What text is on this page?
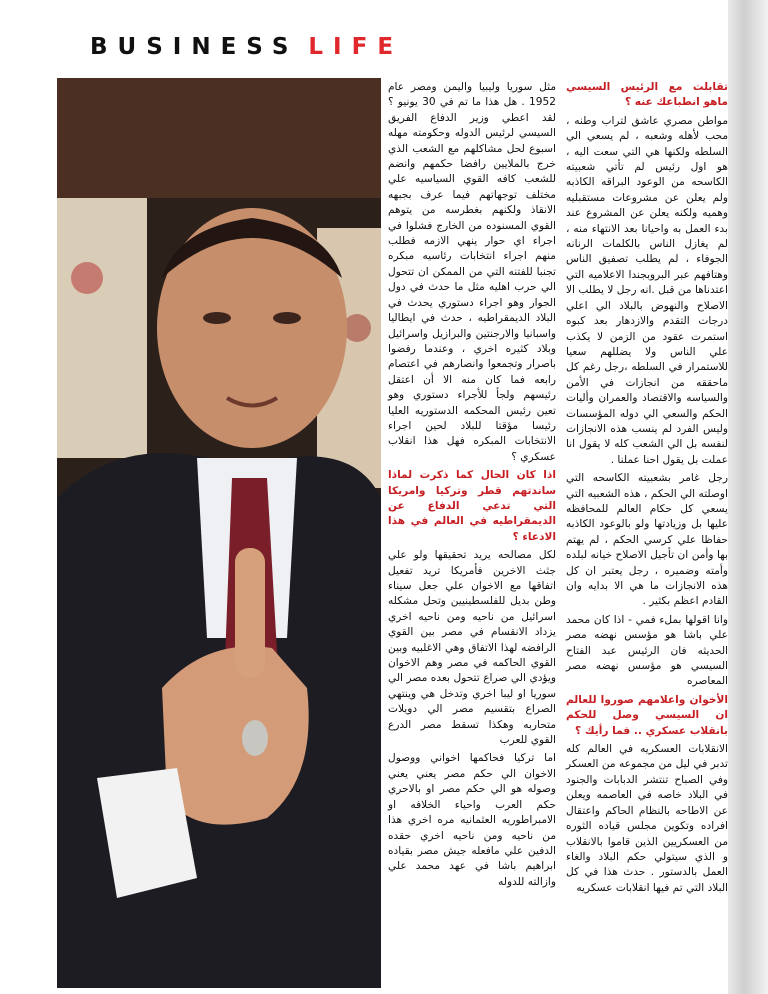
BUSINESS LIFE

تقابلت مع الرئيس السيسي ماهو انطباعك عنه ؟

مواطن مصري عاشق لتراب وطنه ، محب لأهله وشعبه ، لم يسعي الي السلطه ولكنها هي التي سعت اليه ، هو اول رئيس لم تأتي شعبيته الكاسحه من الوعود البراقه الكاذبه ولم يعلن عن مشروعات مستقبليه وهميه ولكنه يعلن عن المشروع عند بدء العمل به واحيانا بعد الانتهاء منه ، لم يغازل الناس بالكلمات الرنانه الجوفاء ، لم يطلب تصفيق الناس وهتافهم عبر البروبجندا الاعلاميه التي اعتدناها من قبل .انه رجل لا يطلب الا الاصلاح والنهوض بالبلاد الي اعلي درجات التقدم والازدهار بعد كبوه استمرت عقود من الزمن لا يكذب علي الناس ولا يضللهم سعيا للاستمرار في السلطه ،رجل رغم كل ماحققه من انجازات في الأمن والسياسه والاقتصاد والعمران وأليات الحكم والسعي الي دوله المؤسسات وليس الفرد لم ينسب هذه الانجازات لنفسه بل الي الشعب كله لا يقول انا عملت بل يقول احنا عملنا .

رجل غامر بشعبيته الكاسحه التي اوصلته الي الحكم ، هذه الشعبيه التي يسعي كل حكام العالم للمحافظه عليها بل وزيادتها ولو بالوعود الكاذبه حفاظا علي كرسي الحكم ، لم يهتم بها وأمن ان تأجيل الاصلاح خيانه لبلده وأمته وضميره ، رجل يعتبر ان كل هذه الانجازات ما هي الا بدايه وان القادم اعظم بكثير .

وانا اقولها بملء فمي - اذا كان محمد علي باشا هو مؤسس نهضه مصر الحديثه فان الرئيس عبد الفتاح السيسي هو مؤسس نهضه مصر المعاصره

الأخوان واعلامهم صوروا للعالم ان السيسي وصل للحكم بانقلاب عسكري .. فما رأيك ؟

الانقلابات العسكريه في العالم كله تدبر في ليل من مجموعه من العسكر وفي الصباح تنتشر الدبابات والجنود في البلاد خاصه في العاصمه ويعلن عن الاطاحه بالنظام الحاكم واعتقال افراده وتكوين مجلس قياده الثوره من العسكريين الذين قاموا بالانقلاب و الذي سيتولي حكم البلاد والغاء العمل بالدستور . حدث هذا في كل البلاد التي تم فيها انقلابات عسكريه

مثل سوريا وليبيا واليمن ومصر عام 1952 . هل هذا ما تم في 30 يونيو ؟ لقد اعطي وزير الدفاع الفريق السيسي لرئيس الدوله وحكومته مهله اسبوع لحل مشاكلهم مع الشعب الذي خرج بالملايين رافضا حكمهم وانضم للشعب كافه القوي السياسيه علي مختلف توجهاتهم فيما عرف بجبهه الانقاذ ولكنهم بغطرسه من يتوهم القوي المسنوده من الخارج فشلوا في اجراء اي حوار ينهي الازمه فطلب منهم اجراء انتخابات رئاسيه مبكره تجنبا للفتنه التي من الممكن ان تتحول الي حرب اهليه مثل ما حدث في دول الجوار وهو اجراء دستوري يحدث في البلاد الديمقراطيه ، حدث في ايطاليا واسبانيا والارجنتين والبرازيل واسرائيل وبلاد كثيره اخري ، وعندما رفضوا باصرار وتجمعوا وانصارهم في اعتصام رابعه فما كان منه الا أن اعتقل رئيسهم ولجأ للأجراء دستوري وهو تعين رئيس المحكمه الدستوريه العليا رئيسا مؤقتا للبلاد لحين اجراء الانتخابات المبكره فهل هذا انقلاب عسكري ؟

اذا كان الحال كما ذكرت لماذا ساندتهم قطر وتركيا وامريكا التي تدعي الدفاع عن الديمقراطيه في العالم في هذا الادعاء ؟

لكل مصالحه يريد تحقيقها ولو علي جثث الاخرين فأمريكا تريد تفعيل اتفاقها مع الاخوان علي جعل سيناء وطن بديل للفلسطينيين وتحل مشكله اسرائيل من ناحيه ومن ناحيه اخري يزداد الانقسام في مصر بين القوي الرافضه لهذا الاتفاق وهي الاغلبيه وبين القوي الحاكمه في مصر وهم الاخوان ويؤدي الي صراع تتحول بعده مصر الي سوريا او ليبا اخري وتدخل هي وينتهي الصراع بتقسيم مصر الي دويلات متحاربه وهكذا تسقط مصر الدرع القوي للعرب

اما تركيا فحاكمها اخواني ووصول الاخوان الي حكم مصر يعني يعني وصوله هو الي حكم مصر او بالاحري حكم العرب واحياء الخلافه او الامبراطوريه العثمانيه مره اخري هذا من ناحيه ومن ناحيه اخري حقده الدفين علي مافعله جيش مصر بقياده ابراهيم باشا في عهد محمد علي وازالته للدوله
